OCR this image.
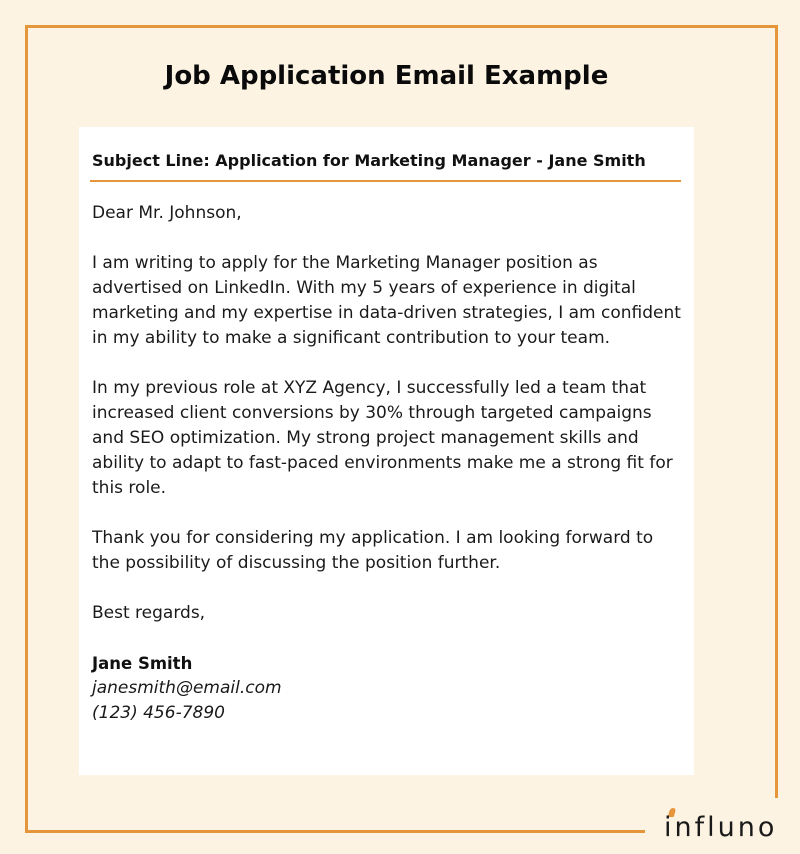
Job Application Email Example
Subject Line: Application for Marketing Manager - Jane Smith

Dear Mr. Johnson,

I am writing to apply for the Marketing Manager position as advertised on LinkedIn. With my 5 years of experience in digital marketing and my expertise in data-driven strategies, I am confident in my ability to make a significant contribution to your team.

In my previous role at XYZ Agency, I successfully led a team that increased client conversions by 30% through targeted campaigns and SEO optimization. My strong project management skills and ability to adapt to fast-paced environments make me a strong fit for this role.

Thank you for considering my application. I am looking forward to the possibility of discussing the position further.

Best regards,

Jane Smith
janesmith@email.com
(123) 456-7890
influno
